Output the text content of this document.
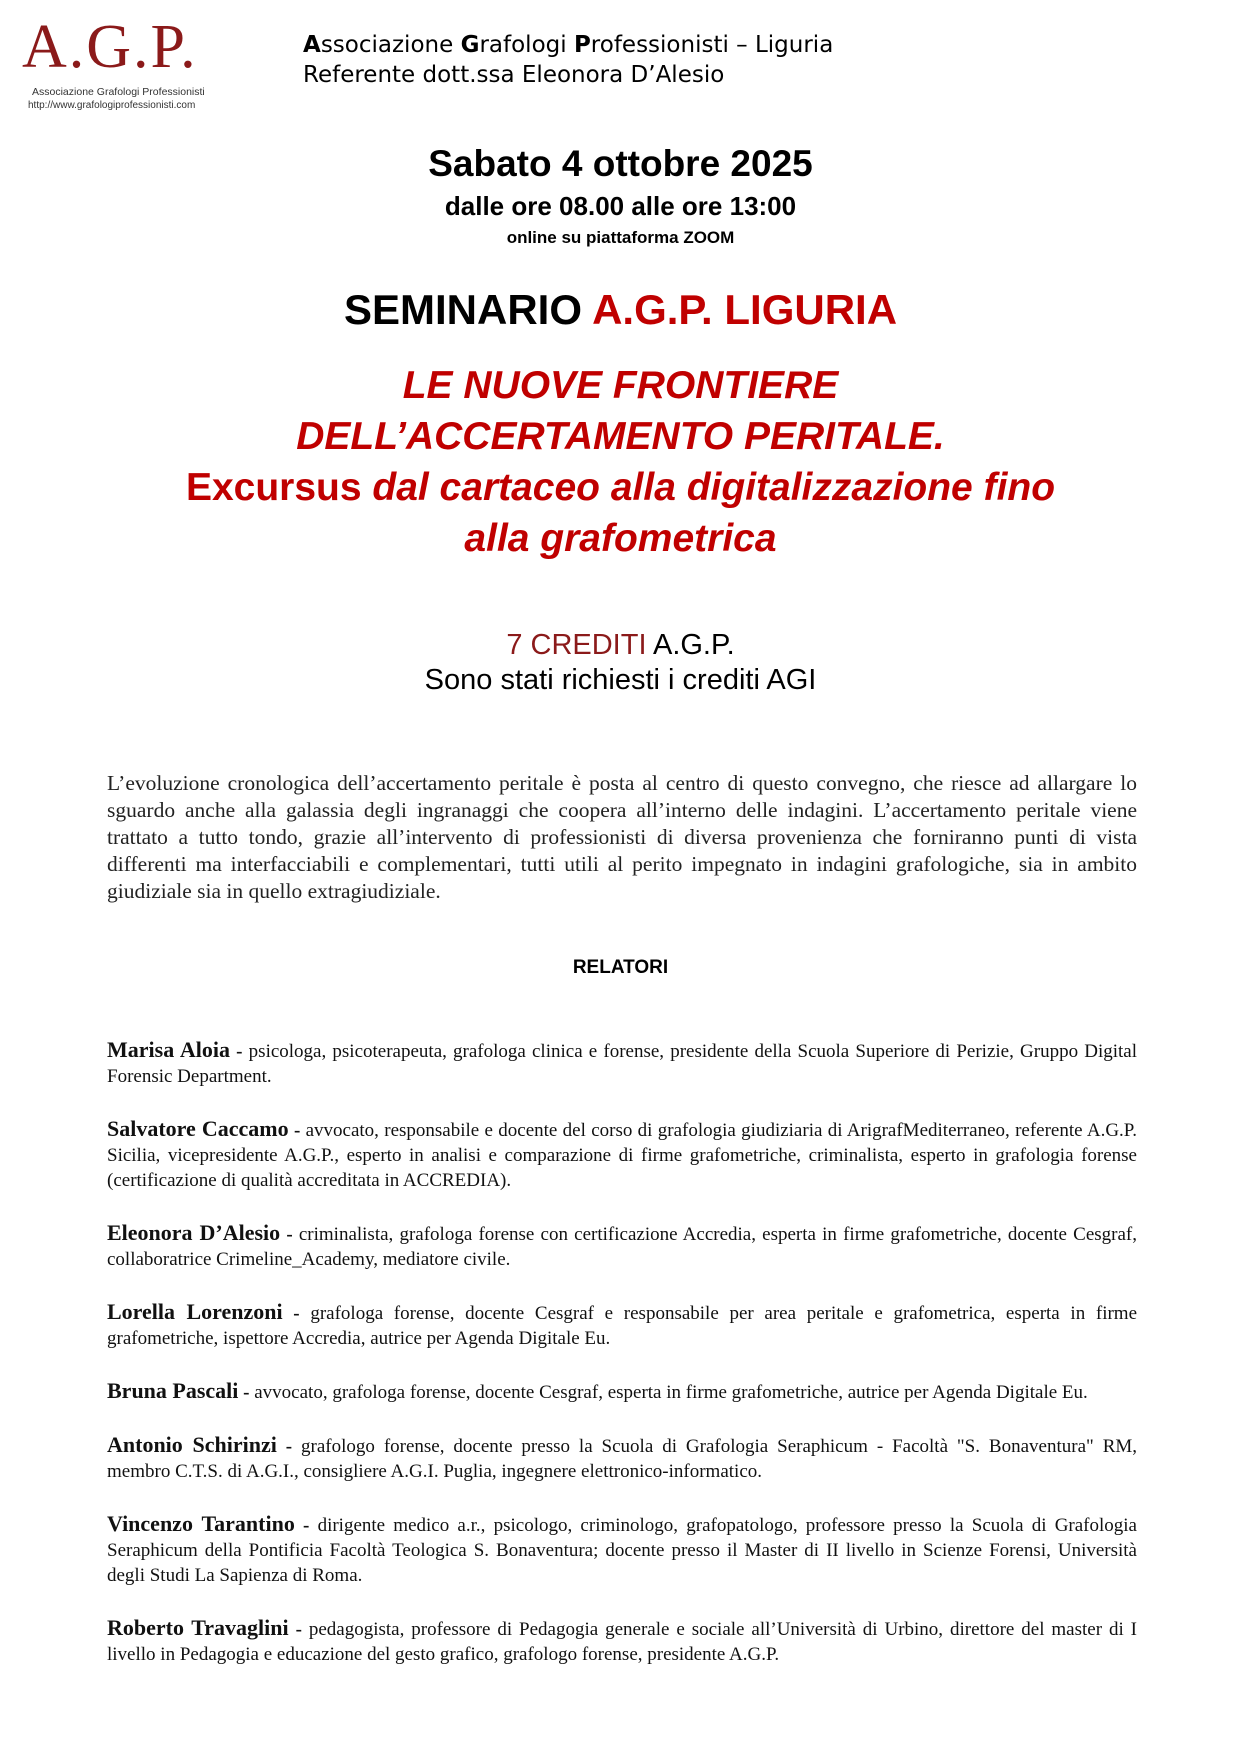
A.G.P.
Associazione Grafologi Professionisti
http://www.grafologiprofessionisti.com
Associazione Grafologi Professionisti – Liguria
Referente dott.ssa Eleonora D’Alesio
Sabato 4 ottobre 2025
dalle ore 08.00 alle ore 13:00
online su piattaforma ZOOM
SEMINARIO A.G.P. LIGURIA
LE NUOVE FRONTIERE
DELL’ACCERTAMENTO PERITALE.
Excursus dal cartaceo alla digitalizzazione fino
alla grafometrica
7 CREDITI A.G.P.
Sono stati richiesti i crediti AGI
L’evoluzione cronologica dell’accertamento peritale è posta al centro di questo convegno, che riesce ad allargare lo sguardo anche alla galassia degli ingranaggi che coopera all’interno delle indagini. L’accertamento peritale viene trattato a tutto tondo, grazie all’intervento di professionisti di diversa provenienza che forniranno punti di vista differenti ma interfacciabili e complementari, tutti utili al perito impegnato in indagini grafologiche, sia in ambito giudiziale sia in quello extragiudiziale.
RELATORI

Marisa Aloia - psicologa, psicoterapeuta, grafologa clinica e forense, presidente della Scuola Superiore di Perizie, Gruppo Digital Forensic Department.

Salvatore Caccamo - avvocato, responsabile e docente del corso di grafologia giudiziaria di ArigrafMediterraneo, referente A.G.P. Sicilia, vicepresidente A.G.P., esperto in analisi e comparazione di firme grafometriche, criminalista, esperto in grafologia forense (certificazione di qualità accreditata in ACCREDIA).

Eleonora D’Alesio - criminalista, grafologa forense con certificazione Accredia, esperta in firme grafometriche, docente Cesgraf, collaboratrice Crimeline_Academy, mediatore civile.

Lorella Lorenzoni - grafologa forense, docente Cesgraf e responsabile per area peritale e grafometrica, esperta in firme grafometriche, ispettore Accredia, autrice per Agenda Digitale Eu.

Bruna Pascali - avvocato, grafologa forense, docente Cesgraf, esperta in firme grafometriche, autrice per Agenda Digitale Eu.

Antonio Schirinzi - grafologo forense, docente presso la Scuola di Grafologia Seraphicum - Facoltà "S. Bonaventura" RM, membro C.T.S. di A.G.I., consigliere A.G.I. Puglia, ingegnere elettronico-informatico.

Vincenzo Tarantino - dirigente medico a.r., psicologo, criminologo, grafopatologo, professore presso la Scuola di Grafologia Seraphicum della Pontificia Facoltà Teologica S. Bonaventura; docente presso il Master di II livello in Scienze Forensi, Università degli Studi La Sapienza di Roma.

Roberto Travaglini - pedagogista, professore di Pedagogia generale e sociale all’Università di Urbino, direttore del master di I livello in Pedagogia e educazione del gesto grafico, grafologo forense, presidente A.G.P.
